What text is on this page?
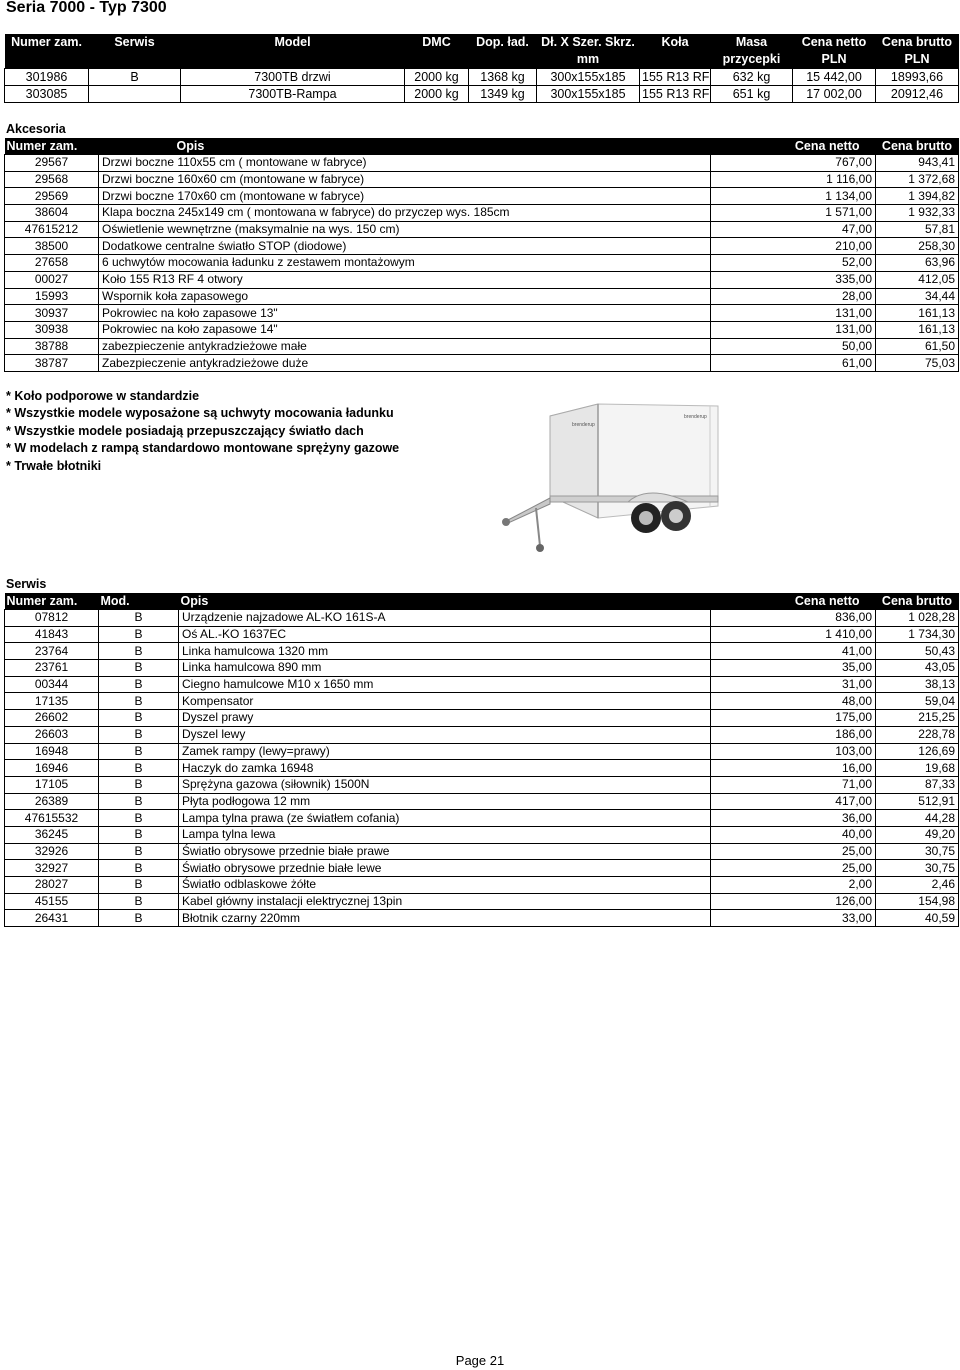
Seria 7000 - Typ 7300
Numer zam.	Serwis	Model	DMC	Dop. ład.	Dł. X Szer. Skrz.	Koła	Masa	Cena netto	Cena brutto
					mm		przycepki	PLN	PLN
301986	B	7300TB drzwi	2000 kg	1368 kg	300x155x185	155 R13 RF	632 kg	15 442,00	18993,66
303085		7300TB-Rampa	2000 kg	1349 kg	300x155x185	155 R13 RF	651 kg	17 002,00	20912,46
Akcesoria
Numer zam.	Opis	Cena netto	Cena brutto
29567	Drzwi boczne 110x55 cm ( montowane w fabryce)	767,00	943,41
29568	Drzwi boczne 160x60 cm (montowane w fabryce)	1 116,00	1 372,68
29569	Drzwi boczne 170x60 cm (montowane w fabryce)	1 134,00	1 394,82
38604	Klapa boczna 245x149 cm ( montowana w fabryce) do przyczep wys. 185cm	1 571,00	1 932,33
47615212	Oświetlenie wewnętrzne (maksymalnie na wys. 150 cm)	47,00	57,81
38500	Dodatkowe centralne światło STOP (diodowe)	210,00	258,30
27658	6 uchwytów mocowania ładunku z zestawem montażowym	52,00	63,96
00027	Koło 155 R13 RF 4 otwory	335,00	412,05
15993	Wspornik koła zapasowego	28,00	34,44
30937	Pokrowiec na koło zapasowe 13"	131,00	161,13
30938	Pokrowiec na koło zapasowe 14"	131,00	161,13
38788	zabezpieczenie antykradzieżowe małe	50,00	61,50
38787	Zabezpieczenie antykradzieżowe duże	61,00	75,03
* Koło podporowe w standardzie
* Wszystkie modele wyposażone są uchwyty mocowania ładunku
* Wszystkie modele posiadają przepuszczający światło dach
* W modelach z rampą standardowo montowane sprężyny gazowe
* Trwałe błotniki
brenderup
brenderup
Serwis
Numer zam.	Mod.	Opis	Cena netto	Cena brutto
07812	B	Urządzenie najzadowe AL-KO 161S-A	836,00	1 028,28
41843	B	Oś AL.-KO 1637EC	1 410,00	1 734,30
23764	B	Linka hamulcowa 1320 mm	41,00	50,43
23761	B	Linka hamulcowa 890 mm	35,00	43,05
00344	B	Ciegno hamulcowe M10 x 1650 mm	31,00	38,13
17135	B	Kompensator	48,00	59,04
26602	B	Dyszel prawy	175,00	215,25
26603	B	Dyszel lewy	186,00	228,78
16948	B	Zamek rampy (lewy=prawy)	103,00	126,69
16946	B	Haczyk do zamka 16948	16,00	19,68
17105	B	Sprężyna gazowa (siłownik) 1500N	71,00	87,33
26389	B	Płyta podłogowa 12 mm	417,00	512,91
47615532	B	Lampa tylna prawa (ze światłem cofania)	36,00	44,28
36245	B	Lampa tylna lewa	40,00	49,20
32926	B	Światło obrysowe przednie białe prawe	25,00	30,75
32927	B	Światło obrysowe przednie białe lewe	25,00	30,75
28027	B	Światło odblaskowe żółte	2,00	2,46
45155	B	Kabel główny instalacji elektrycznej 13pin	126,00	154,98
26431	B	Błotnik czarny 220mm	33,00	40,59
Page 21
